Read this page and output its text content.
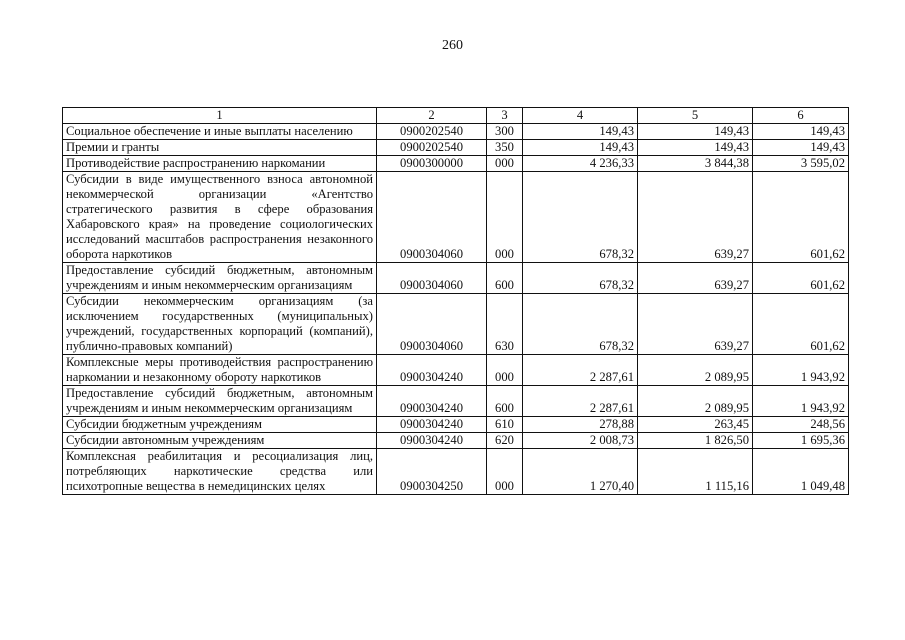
260
1	2	3	4	5	6
Социальное обеспечение и иные выплаты населению	0900202540	300	149,43	149,43	149,43
Премии и гранты	0900202540	350	149,43	149,43	149,43
Противодействие распространению наркомании	0900300000	000	4 236,33	3 844,38	3 595,02
Субсидии в виде имущественного взноса автономной некоммерческой организации «Агентство стратегического развития в сфере образования Хабаровского края» на проведение социологических исследований масштабов распространения незаконного оборота наркотиков	0900304060	000	678,32	639,27	601,62
Предоставление субсидий бюджетным, автономным учреждениям и иным некоммерческим организациям	0900304060	600	678,32	639,27	601,62
Субсидии некоммерческим организациям (за исключением государственных (муниципальных) учреждений, государственных корпораций (компаний), публично-правовых компаний)	0900304060	630	678,32	639,27	601,62
Комплексные меры противодействия распространению наркомании и незаконному обороту наркотиков	0900304240	000	2 287,61	2 089,95	1 943,92
Предоставление субсидий бюджетным, автономным учреждениям и иным некоммерческим организациям	0900304240	600	2 287,61	2 089,95	1 943,92
Субсидии бюджетным учреждениям	0900304240	610	278,88	263,45	248,56
Субсидии автономным учреждениям	0900304240	620	2 008,73	1 826,50	1 695,36
Комплексная реабилитация и ресоциализация лиц, потребляющих наркотические средства или психотропные вещества в немедицинских целях	0900304250	000	1 270,40	1 115,16	1 049,48
